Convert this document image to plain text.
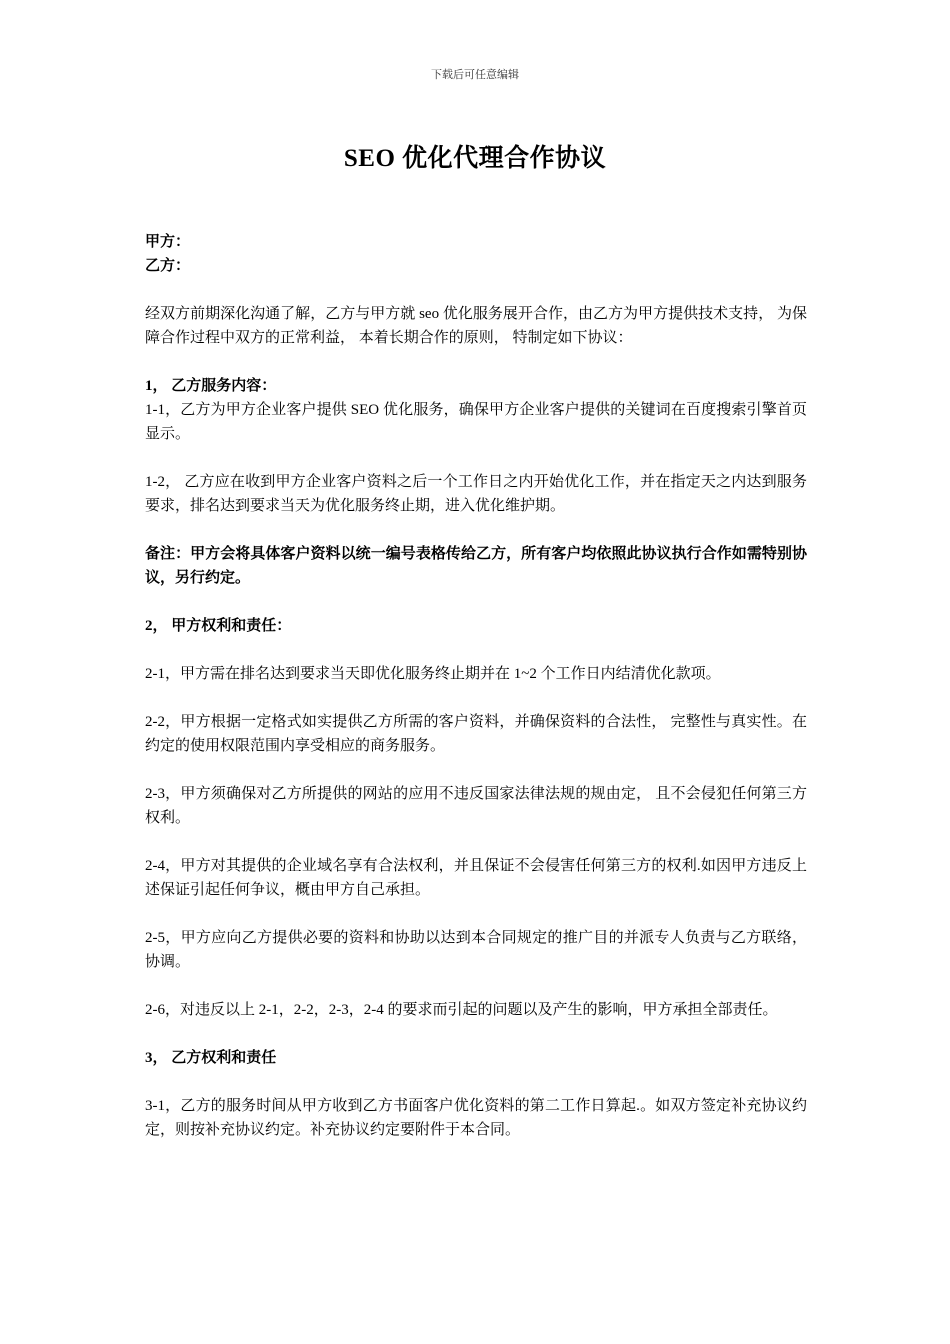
下载后可任意编辑
SEO 优化代理合作协议

甲方：

乙方：

经双方前期深化沟通了解，乙方与甲方就 seo 优化服务展开合作，由乙方为甲方提供技术支持， 为保障合作过程中双方的正常利益， 本着长期合作的原则， 特制定如下协议：

1， 乙方服务内容：

1-1，乙方为甲方企业客户提供 SEO 优化服务，确保甲方企业客户提供的关键词在百度搜索引擎首页显示。

1-2， 乙方应在收到甲方企业客户资料之后一个工作日之内开始优化工作，并在指定天之内达到服务要求，排名达到要求当天为优化服务终止期，进入优化维护期。

备注：甲方会将具体客户资料以统一编号表格传给乙方，所有客户均依照此协议执行合作如需特别协议，另行约定。

2， 甲方权利和责任：

2-1，甲方需在排名达到要求当天即优化服务终止期并在 1~2 个工作日内结清优化款项。

2-2，甲方根据一定格式如实提供乙方所需的客户资料，并确保资料的合法性， 完整性与真实性。在约定的使用权限范围内享受相应的商务服务。

2-3，甲方须确保对乙方所提供的网站的应用不违反国家法律法规的规由定， 且不会侵犯任何第三方权利。

2-4，甲方对其提供的企业域名享有合法权利，并且保证不会侵害任何第三方的权利.如因甲方违反上述保证引起任何争议，概由甲方自己承担。

2-5，甲方应向乙方提供必要的资料和协助以达到本合同规定的推广目的并派专人负责与乙方联络，协调。

2-6，对违反以上 2-1，2-2，2-3，2-4 的要求而引起的问题以及产生的影响，甲方承担全部责任。

3， 乙方权利和责任

3-1，乙方的服务时间从甲方收到乙方书面客户优化资料的第二工作日算起.。如双方签定补充协议约定，则按补充协议约定。补充协议约定要附件于本合同。
